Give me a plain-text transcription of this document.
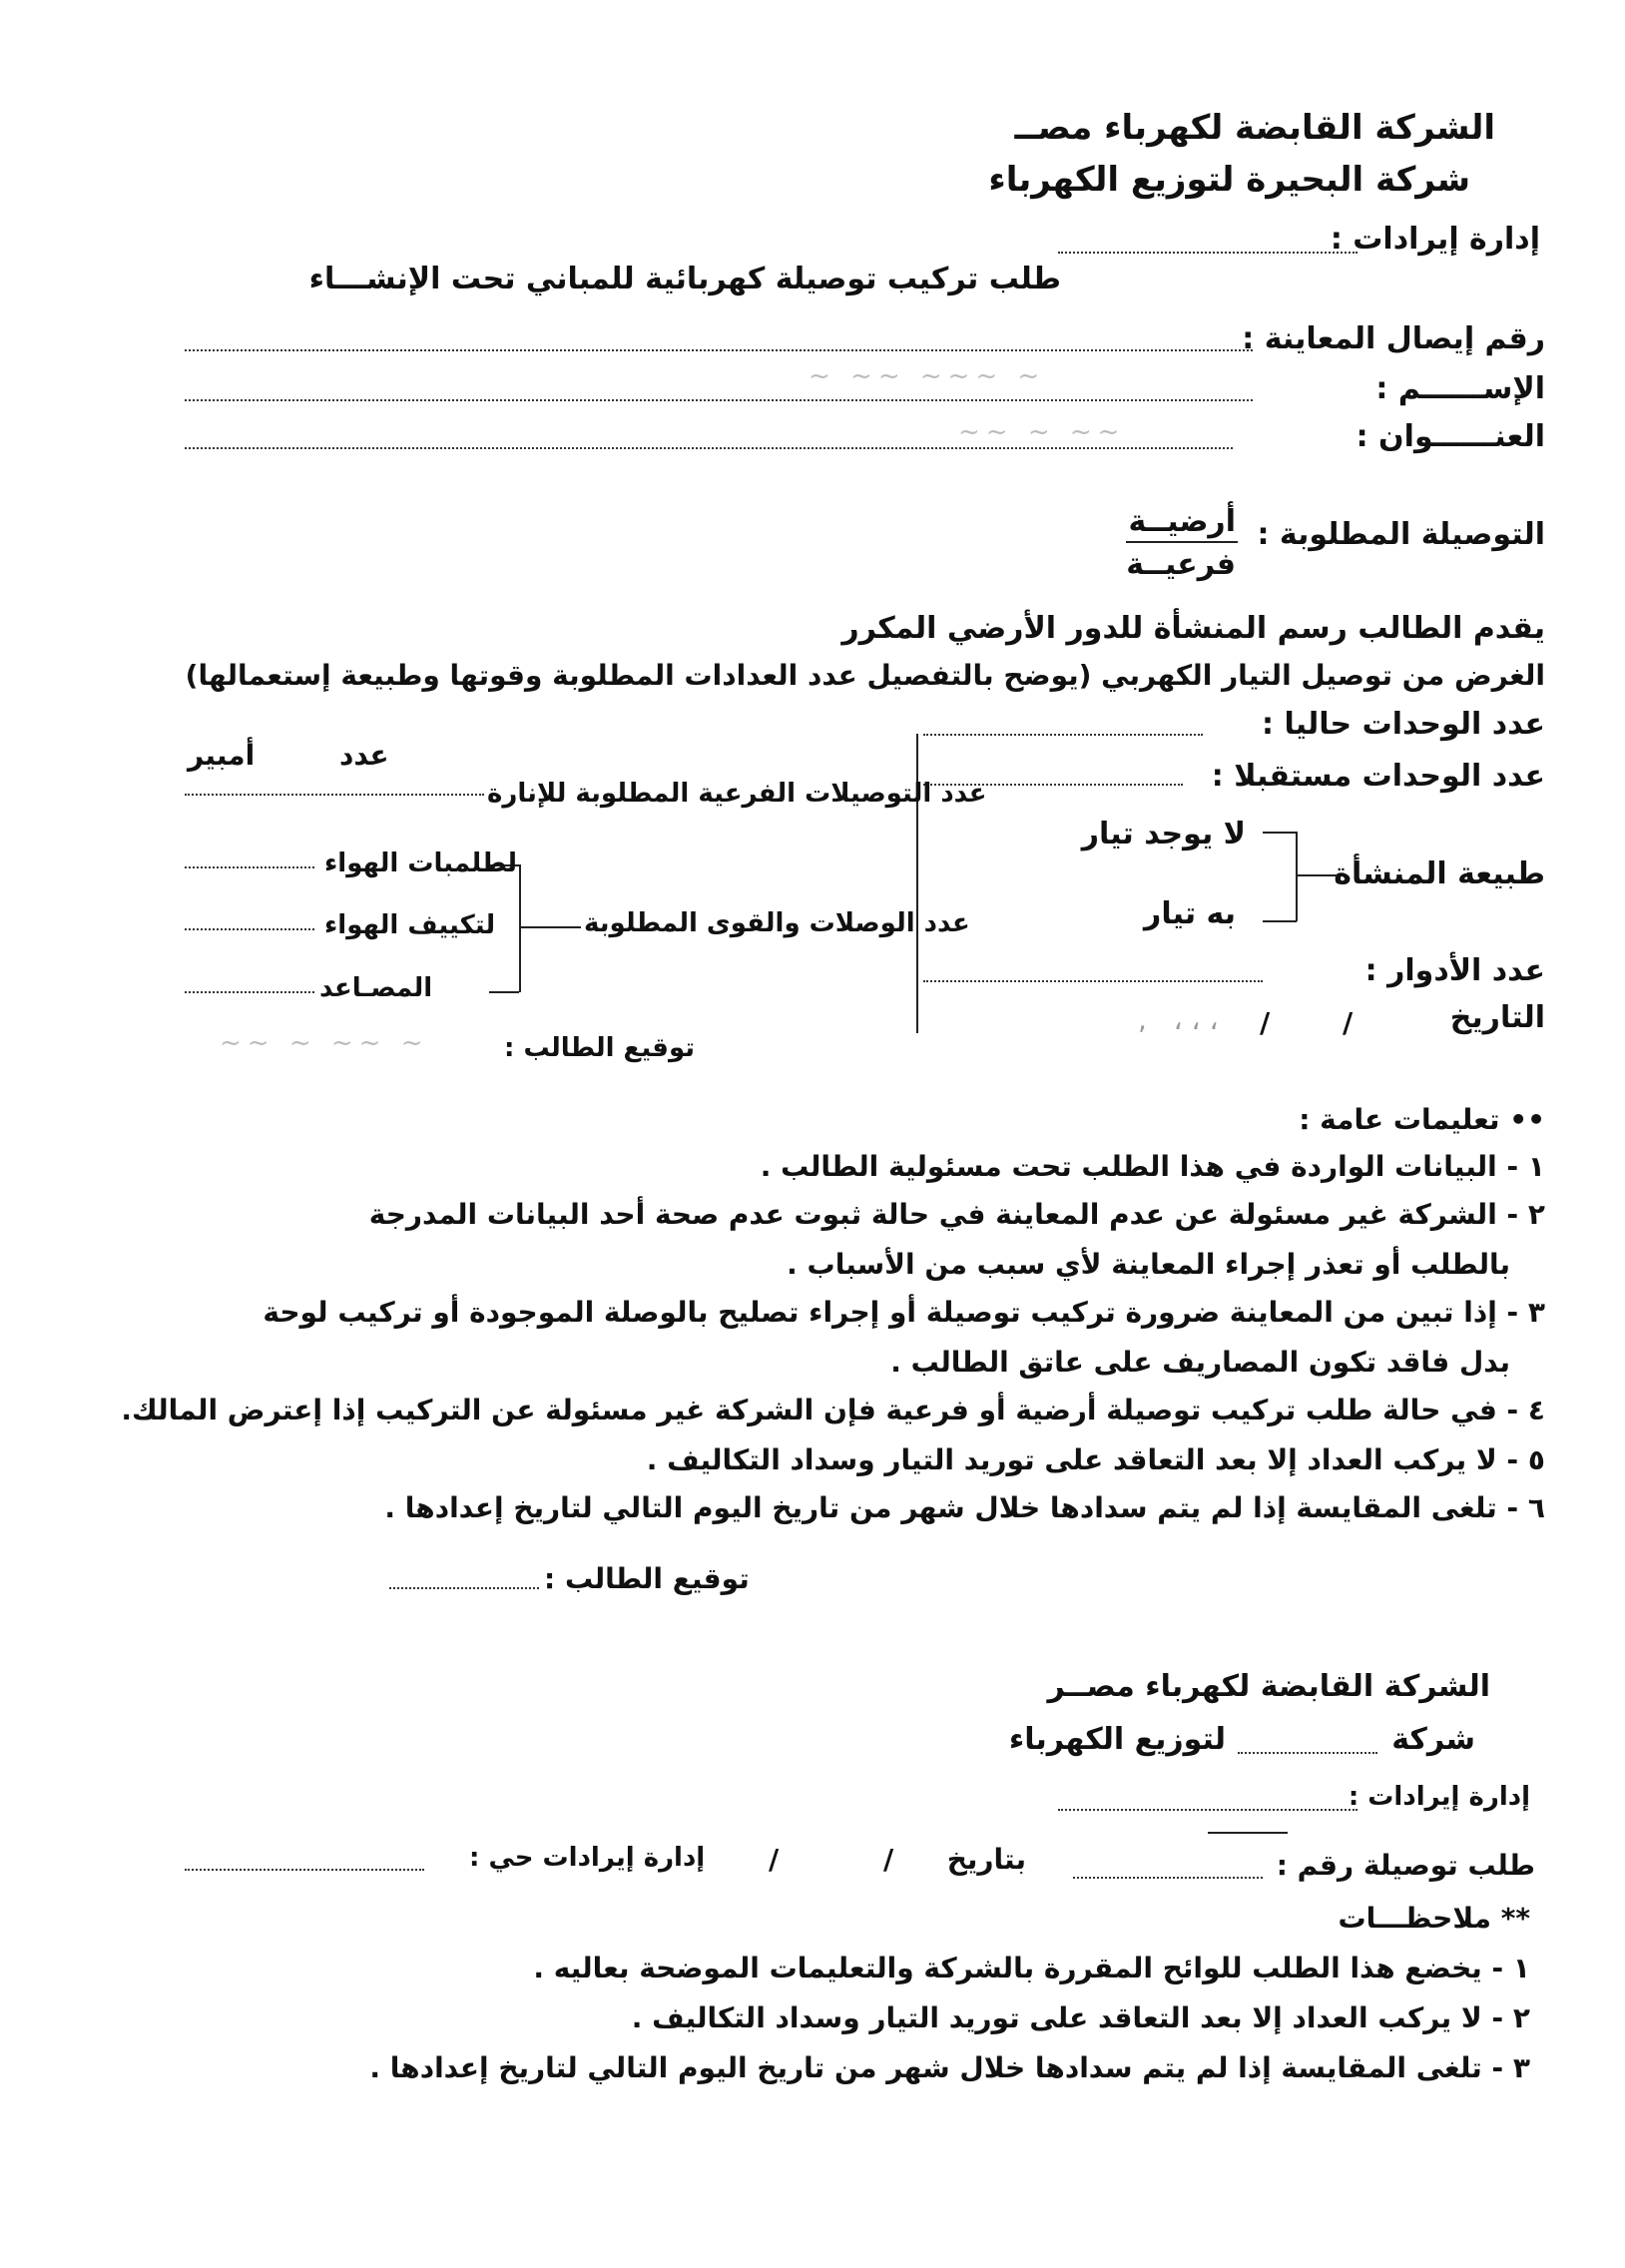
الشركة القابضة لكهرباء مصــ
شركة البحيرة لتوزيع الكهرباء
إدارة إيرادات :
طلب تركيب توصيلة كهربائية للمباني تحت الإنشـــاء
رقم إيصال المعاينة :
الإســــــم :
~ ~~ ~~~ ~
العنــــــوان :
~~ ~ ~~
التوصيلة المطلوبة :
أرضيــة
فرعيــة
يقدم الطالب رسم المنشأة للدور الأرضي المكرر
الغرض من توصيل التيار الكهربي (يوضح بالتفصيل عدد العدادات المطلوبة وقوتها وطبيعة إستعمالها)
عدد الوحدات حاليا :
عدد الوحدات مستقبلا :
طبيعة المنشأة
لا يوجد تيار
به تيار
عدد الأدوار :
التاريخ
,   ، ، ، /	/
عدد
أمبير
عدد التوصيلات الفرعية المطلوبة للإنارة
عدد الوصلات والقوى المطلوبة
لطلمبات الهواء
لتكييف الهواء
المصـاعد
توقيع الطالب :
~~ ~ ~~ ~
•• تعليمات عامة :
١ - البيانات الواردة في هذا الطلب تحت مسئولية الطالب .
٢ - الشركة غير مسئولة عن عدم المعاينة في حالة ثبوت عدم صحة أحد البيانات المدرجة
بالطلب أو تعذر إجراء المعاينة لأي سبب من الأسباب .
٣ - إذا تبين من المعاينة ضرورة تركيب توصيلة أو إجراء تصليح بالوصلة الموجودة أو تركيب لوحة
بدل فاقد تكون المصاريف على عاتق الطالب .
٤ - في حالة طلب تركيب توصيلة أرضية أو فرعية فإن الشركة غير مسئولة عن التركيب إذا إعترض المالك.
٥ - لا يركب العداد إلا بعد التعاقد على توريد التيار وسداد التكاليف .
٦ - تلغى المقايسة إذا لم يتم سدادها خلال شهر من تاريخ اليوم التالي لتاريخ إعدادها .
توقيع الطالب :
الشركة القابضة لكهرباء مصــر
شركة
لتوزيع الكهرباء
إدارة إيرادات :
طلب توصيلة رقم :
بتاريخ
/
/
إدارة إيرادات حي :
** ملاحظـــات
١ - يخضع هذا الطلب للوائح المقررة بالشركة والتعليمات الموضحة بعاليه .
٢ - لا يركب العداد إلا بعد التعاقد على توريد التيار وسداد التكاليف .
٣ - تلغى المقايسة إذا لم يتم سدادها خلال شهر من تاريخ اليوم التالي لتاريخ إعدادها .
